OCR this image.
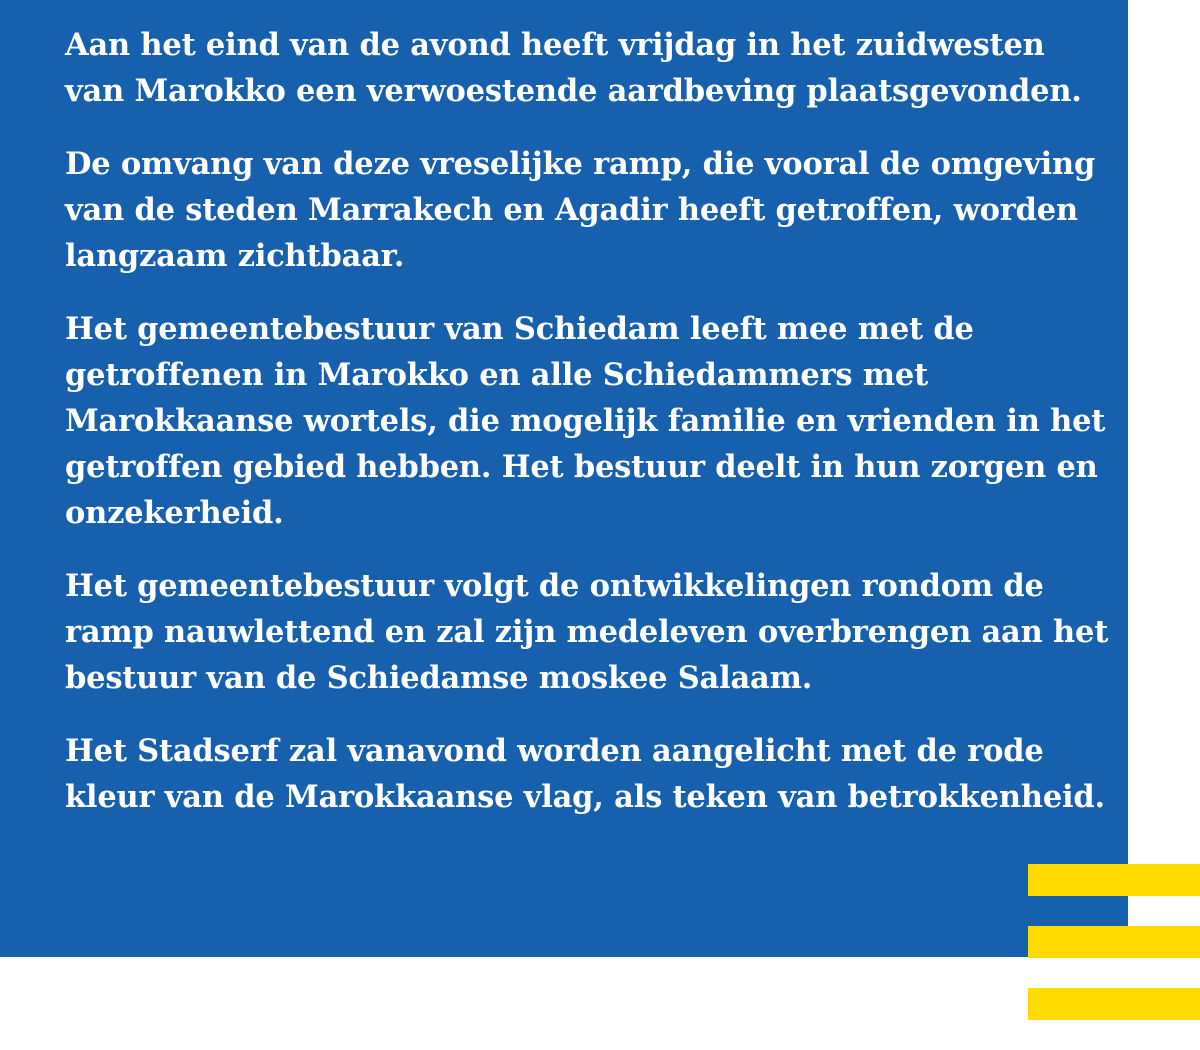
Aan het eind van de avond heeft vrijdag in het zuidwesten
van Marokko een verwoestende aardbeving plaatsgevonden.

De omvang van deze vreselijke ramp, die vooral de omgeving
van de steden Marrakech en Agadir heeft getroffen, worden
langzaam zichtbaar.

Het gemeentebestuur van Schiedam leeft mee met de
getroffenen in Marokko en alle Schiedammers met
Marokkaanse wortels, die mogelijk familie en vrienden in het
getroffen gebied hebben. Het bestuur deelt in hun zorgen en
onzekerheid.

Het gemeentebestuur volgt de ontwikkelingen rondom de
ramp nauwlettend en zal zijn medeleven overbrengen aan het
bestuur van de Schiedamse moskee Salaam.

Het Stadserf zal vanavond worden aangelicht met de rode
kleur van de Marokkaanse vlag, als teken van betrokkenheid.
